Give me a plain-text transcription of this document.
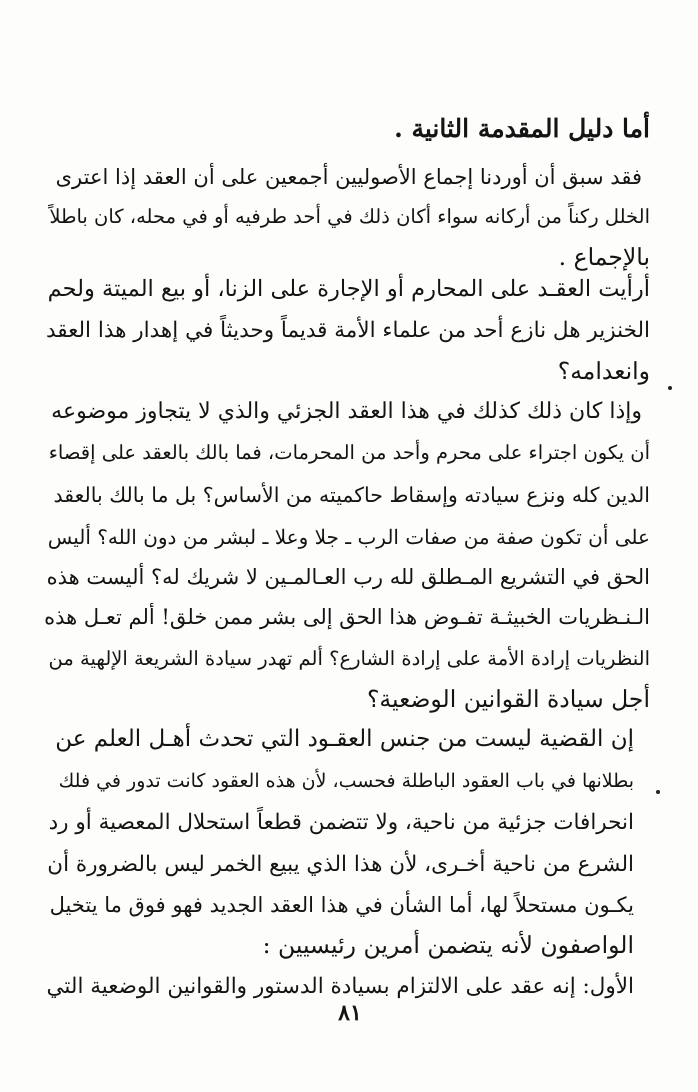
أما دليل المقدمة الثانية .
فقد سبق أن أوردنا إجماع الأصوليين أجمعين على أن العقد إذا اعترى
الخلل ركناً من أركانه سواء أكان ذلك في أحد طرفيه أو في محله، كان باطلاً
بالإجماع .
أرأيت العقـد على المحارم أو الإجارة على الزنا، أو بيع الميتة ولحم
الخنزير هل نازع أحد من علماء الأمة قديماً وحديثاً في إهدار هذا العقد
وانعدامه؟
وإذا كان ذلك كذلك في هذا العقد الجزئي والذي لا يتجاوز موضوعه
أن يكون اجتراء على محرم وأحد من المحرمات، فما بالك بالعقد على إقصاء
الدين كله ونزع سيادته وإسقاط حاكميته من الأساس؟ بل ما بالك بالعقد
على أن تكون صفة من صفات الرب ـ جلا وعلا ـ لبشر من دون الله؟ أليس
الحق في التشريع المـطلق لله رب العـالمـين لا شريك له؟ أليست هذه
الـنـظريات الخبيثـة تفـوض هذا الحق إلى بشر ممن خلق! ألم تعـل هذه
النظريات إرادة الأمة على إرادة الشارع؟ ألم تهدر سيادة الشريعة الإلهية من
أجل سيادة القوانين الوضعية؟
إن القضية ليست من جنس العقـود التي تحدث أهـل العلم عن
بطلانها في باب العقود الباطلة فحسب، لأن هذه العقود كانت تدور في فلك
انحرافات جزئية من ناحية، ولا تتضمن قطعاً استحلال المعصية أو رد
الشرع من ناحية أخـرى، لأن هذا الذي يبيع الخمر ليس بالضرورة أن
يكـون مستحلاً لها، أما الشأن في هذا العقد الجديد فهو فوق ما يتخيل
الواصفون لأنه يتضمن أمرين رئيسيين :
الأول: إنه عقد على الالتزام بسيادة الدستور والقوانين الوضعية التي
٨١
